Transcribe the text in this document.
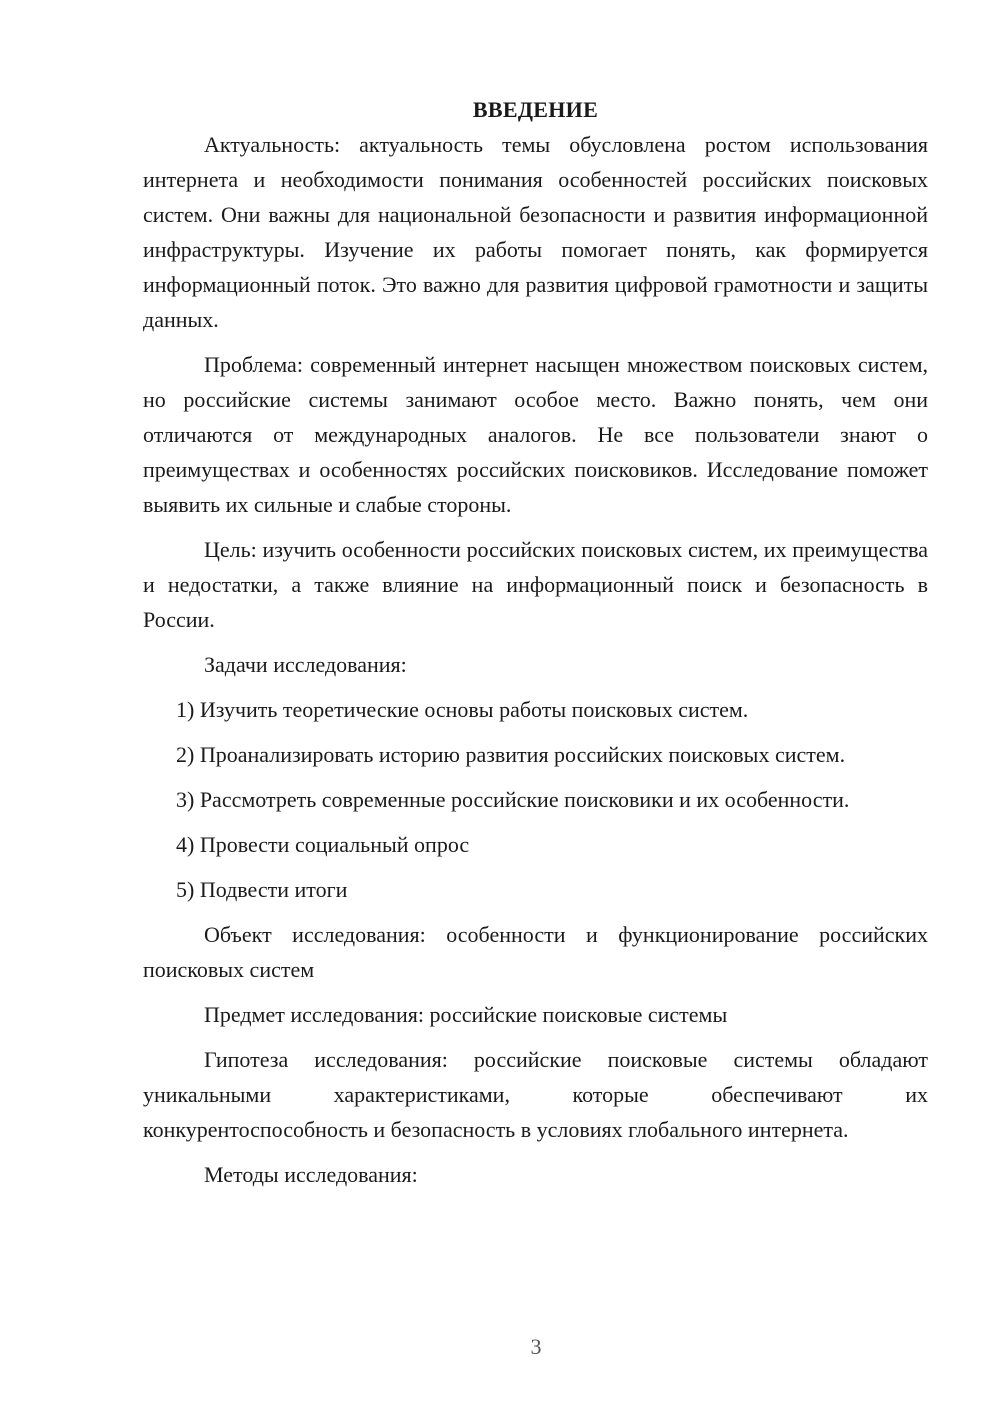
ВВЕДЕНИЕ

Актуальность: актуальность темы обусловлена ростом использования интернета и необходимости понимания особенностей российских поисковых систем. Они важны для национальной безопасности и развития информационной инфраструктуры. Изучение их работы помогает понять, как формируется информационный поток. Это важно для развития цифровой грамотности и защиты данных.

Проблема: современный интернет насыщен множеством поисковых систем, но российские системы занимают особое место. Важно понять, чем они отличаются от международных аналогов. Не все пользователи знают о преимуществах и особенностях российских поисковиков. Исследование поможет выявить их сильные и слабые стороны.

Цель: изучить особенности российских поисковых систем, их преимущества и недостатки, а также влияние на информационный поиск и безопасность в России.

Задачи исследования:

1) Изучить теоретические основы работы поисковых систем.

2) Проанализировать историю развития российских поисковых систем.

3) Рассмотреть современные российские поисковики и их особенности.

4) Провести социальный опрос

5) Подвести итоги

Объект исследования: особенности и функционирование российских поисковых систем

Предмет исследования: российские поисковые системы

Гипотеза исследования: российские поисковые системы обладают уникальными характеристиками, которые обеспечивают их конкурентоспособность и безопасность в условиях глобального интернета.

Методы исследования:

3
